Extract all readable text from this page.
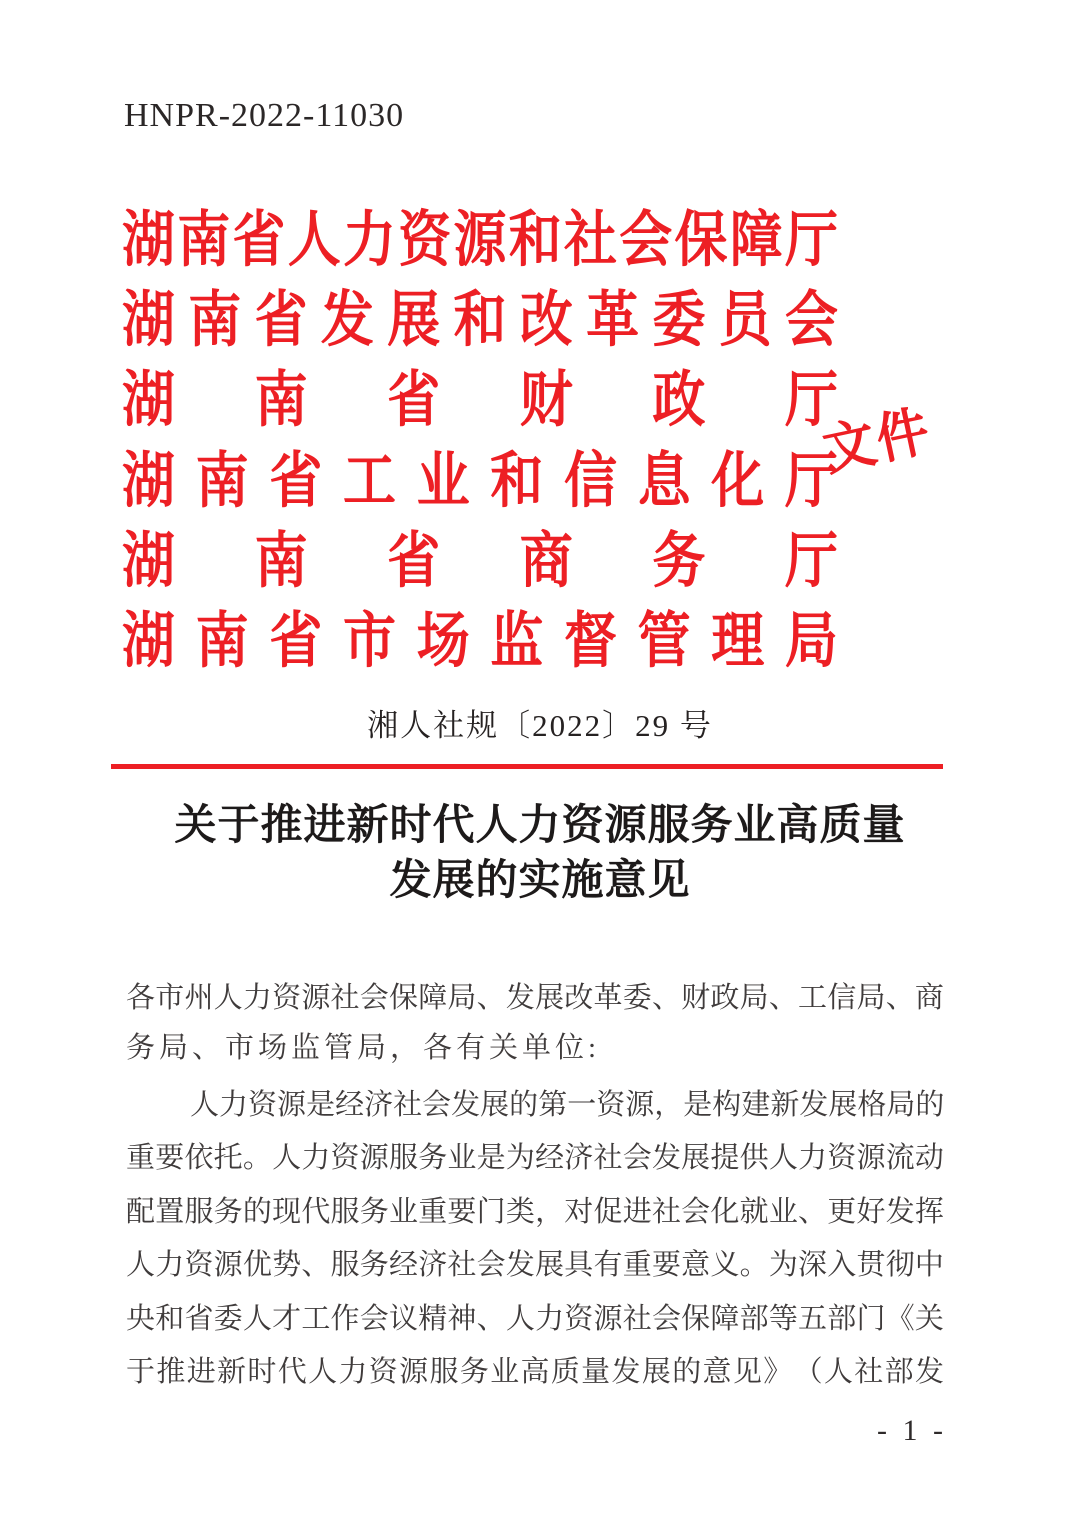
HNPR-2022-11030
湖 南 省 人 力 资 源 和 社 会 保 障 厅
湖 南 省 发 展 和 改 革 委 员 会
湖 南 省 财 政 厅
湖 南 省 工 业 和 信 息 化 厅
湖 南 省 商 务 厅
湖 南 省 市 场 监 督 管 理 局
文件
湘人社规〔2022〕29 号
关于推进新时代人力资源服务业高质量
发展的实施意见
各 市 州 人 力 资 源 社 会 保 障 局 、 发 展 改 革 委 、 财 政 局 、 工 信 局 、 商
务局、市场监管局，各有关单位:
人 力 资 源 是 经 济 社 会 发 展 的 第 一 资 源 ， 是 构 建 新 发 展 格 局 的
重 要 依 托 。 人 力 资 源 服 务 业 是 为 经 济 社 会 发 展 提 供 人 力 资 源 流 动
配 置 服 务 的 现 代 服 务 业 重 要 门 类 ， 对 促 进 社 会 化 就 业 、 更 好 发 挥
人 力 资 源 优 势 、 服 务 经 济 社 会 发 展 具 有 重 要 意 义 。 为 深 入 贯 彻 中
央 和 省 委 人 才 工 作 会 议 精 神 、 人 力 资 源 社 会 保 障 部 等 五 部 门 《 关
于 推 进 新 时 代 人 力 资 源 服 务 业 高 质 量 发 展 的 意 见 》 （ 人 社 部 发
- 1 -
